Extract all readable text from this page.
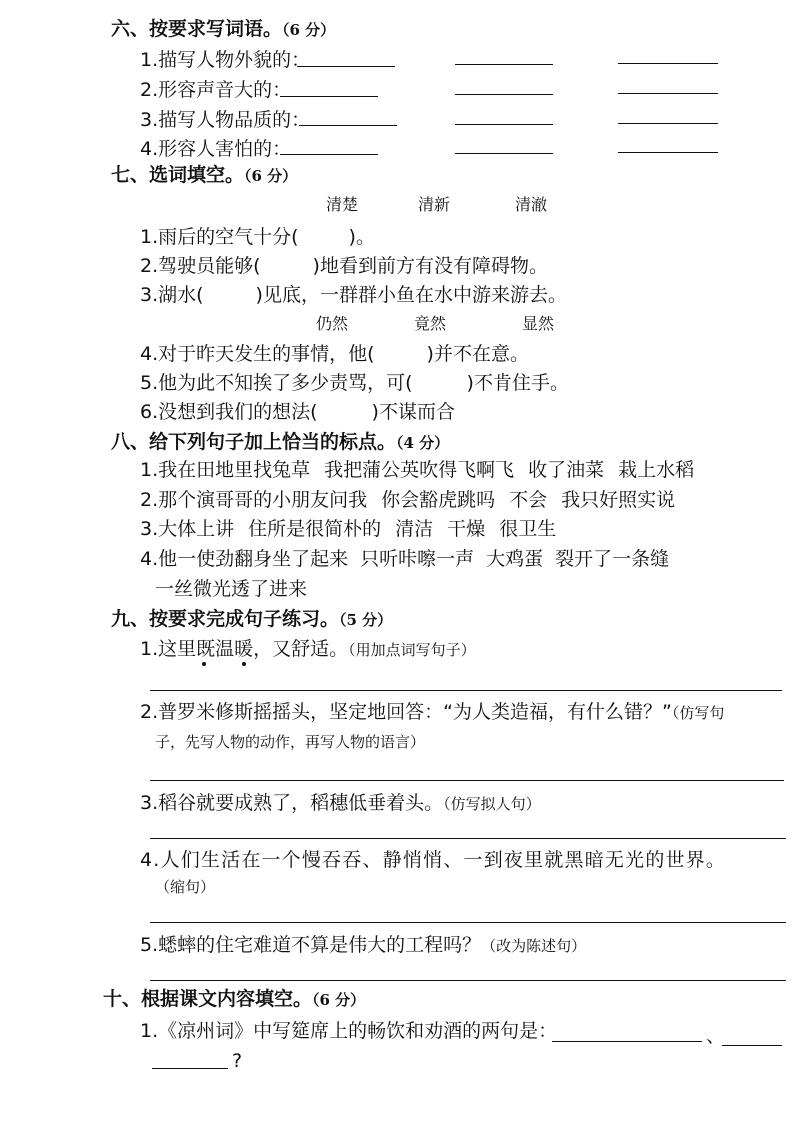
六、按要求写词语。（6 分）
1.描写人物外貌的：
2.形容声音大的：
3.描写人物品质的：
4.形容人害怕的：
七、选词填空。（6 分）
清楚	清新	清澈
1.雨后的空气十分(	)。
2.驾驶员能够(	)地看到前方有没有障碍物。
3.湖水(	)见底，一群群小鱼在水中游来游去。
仍然	竟然	显然
4.对于昨天发生的事情，他(	)并不在意。
5.他为此不知挨了多少责骂，可(	)不肯住手。
6.没想到我们的想法(	)不谋而合
八、给下列句子加上恰当的标点。（4 分）
1.我在田地里找兔草 我把蒲公英吹得飞啊飞 收了油菜 栽上水稻
2.那个演哥哥的小朋友问我 你会豁虎跳吗 不会 我只好照实说
3.大体上讲 住所是很简朴的 清洁 干燥 很卫生
4.他一使劲翻身坐了起来 只听咔嚓一声 大鸡蛋 裂开了一条缝
一丝微光透了进来
九、按要求完成句子练习。（5 分）
1.这里既温暖，又舒适。（用加点词写句子）
2.普罗米修斯摇摇头，坚定地回答：“为人类造福，有什么错？”（仿写句
子，先写人物的动作，再写人物的语言）
3.稻谷就要成熟了，稻穗低垂着头。（仿写拟人句）
4.人们生活在一个慢吞吞、静悄悄、一到夜里就黑暗无光的世界。
（缩句）
5.蟋蟀的住宅难道不算是伟大的工程吗？（改为陈述句）
十、根据课文内容填空。（6 分）
1.《凉州词》中写筵席上的畅饮和劝酒的两句是：	、
?
